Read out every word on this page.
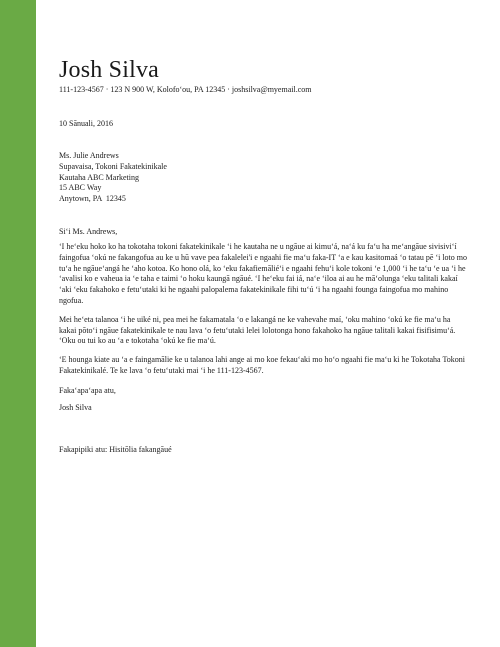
Josh Silva
111-123-4567 · 123 N 900 W, Kolofoʻou, PA 12345 · joshsilva@myemail.com
10 Sānuali, 2016
Ms. Julie Andrews
Supavaisa, Tokoni Fakatekinikale
Kautaha ABC Marketing
15 ABC Way
Anytown, PA  12345
Siʻi Ms. Andrews,

ʻI heʻeku hoko ko ha tokotaha tokoni fakatekinikale ʻi he kautaha ne u ngāue ai kimuʻá, naʻá ku faʻu ha meʻangāue sivisiviʻí faingofua ʻokú ne fakangofua au ke u hū vave pea fakalelei'i e ngaahi fie maʻu faka-IT ʻa e kau kasitomaá ʻo tatau pē ʻi loto mo tuʻa he ngāueʻangá he ʻaho kotoa. Ko hono olá, ko ʻeku fakafiemāliéʻi e ngaahi fehuʻi kole tokoni ʻe 1,000 ʻi he taʻu ʻe ua ʻi he ʻavalisi ko e vaheua ia ʻe taha e taimi ʻo hoku kaungā ngāué. ʻI heʻeku fai iá, naʻe ʻiloa ai au he māʻolunga ʻeku talitali kakaí ʻaki ʻeku fakahoko e fetuʻutaki ki he ngaahi palopalema fakatekinikale fihi tuʻú ʻi ha ngaahi founga faingofua mo mahino ngofua.

Mei heʻeta talanoa ʻi he uiké ni, pea mei he fakamatala ʻo e lakangá ne ke vahevahe maí, ʻoku mahino ʻokú ke fie maʻu ha kakai pōtoʻi ngāue fakatekinikale te nau lava ʻo fetuʻutaki lelei lolotonga hono fakahoko ha ngāue talitali kakai fisifisimuʻá. ʻOku ou tui ko au ʻa e tokotaha ʻokú ke fie maʻú.

ʻE hounga kiate au ʻa e faingamālie ke u talanoa lahi ange ai mo koe fekauʻaki mo hoʻo ngaahi fie maʻu ki he Tokotaha Tokoni Fakatekinikalé. Te ke lava ʻo fetuʻutaki mai ʻi he 111-123-4567.

Fakaʻapaʻapa atu,
Josh Silva
Fakapipiki atu: Hisitōlia fakangāué
